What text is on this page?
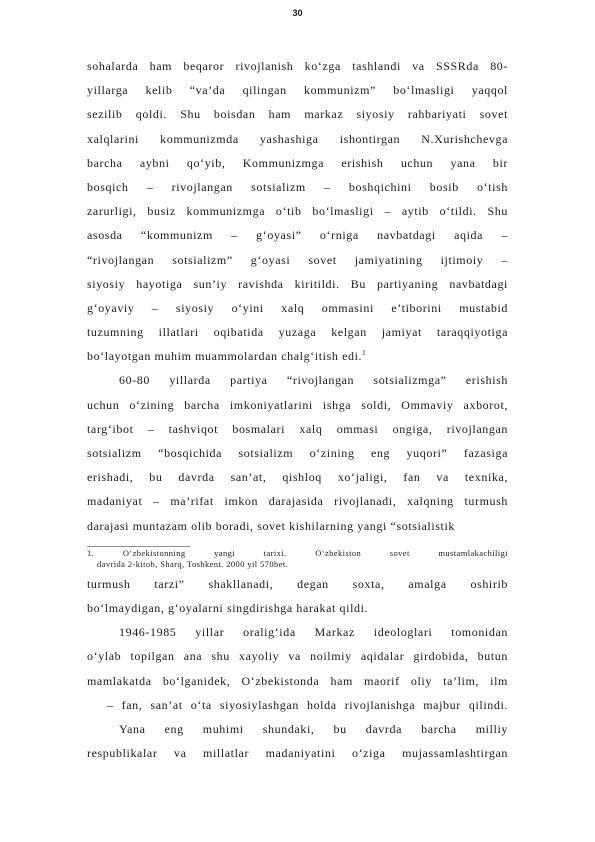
30
sohalarda ham beqaror rivojlanish ko‘zga tashlandi va SSSRda 80-
yillarga kelib “va’da qilingan kommunizm” bo‘lmasligi yaqqol
sezilib qoldi. Shu boisdan ham markaz siyosiy rahbariyati sovet
xalqlarini kommunizmda yashashiga ishontirgan N.Xurishchevga
barcha aybni qo‘yib, Kommunizmga erishish uchun yana bir
bosqich – rivojlangan sotsializm – boshqichini bosib o‘tish
zarurligi, busiz kommunizmga o‘tib bo‘lmasligi – aytib o‘tildi. Shu
asosda “kommunizm – g‘oyasi” o‘rniga navbatdagi aqida –
“rivojlangan sotsializm” g‘oyasi sovet jamiyatining ijtimoiy –
siyosiy hayotiga sun’iy ravishda kiritildi. Bu partiyaning navbatdagi
g‘oyaviy – siyosiy o‘yini xalq ommasini e’tiborini mustabid
tuzumning illatlari oqibatida yuzaga kelgan jamiyat taraqqiyotiga
bo‘layotgan muhim muammolardan chalg‘itish edi.$^1$
60-80 yillarda partiya “rivojlangan sotsializmga” erishish
uchun o‘zining barcha imkoniyatlarini ishga soldi, Ommaviy axborot,
targ‘ibot – tashviqot bosmalari xalq ommasi ongiga, rivojlangan
sotsializm “bosqichida sotsializm o‘zining eng yuqori” fazasiga
erishadi, bu davrda san’at, qishloq xo‘jaligi, fan va texnika,
madaniyat – ma’rifat imkon darajasida rivojlanadi, xalqning turmush
darajasi muntazam olib boradi, sovet kishilarning yangi “sotsialistik
_______________________
1. O‘zbekistonning yangi tarixi. O‘zbekiston sovet mustamlakachiligi
davrida 2-kitob, Sharq, Toshkent. 2000 yil 570bet.
turmush tarzi” shakllanadi, degan soxta, amalga oshirib
bo‘lmaydigan, g‘oyalarni singdirishga harakat qildi.
1946-1985 yillar oralig‘ida Markaz ideologlari tomonidan
o‘ylab topilgan ana shu xayoliy va noilmiy aqidalar girdobida, butun
mamlakatda bo‘lganidek, O‘zbekistonda ham maorif oliy ta’lim, ilm
– fan, san’at o‘ta siyosiylashgan holda rivojlanishga majbur qilindi.
Yana eng muhimi shundaki, bu davrda barcha milliy
respublikalar va millatlar madaniyatini o‘ziga mujassamlashtirgan
